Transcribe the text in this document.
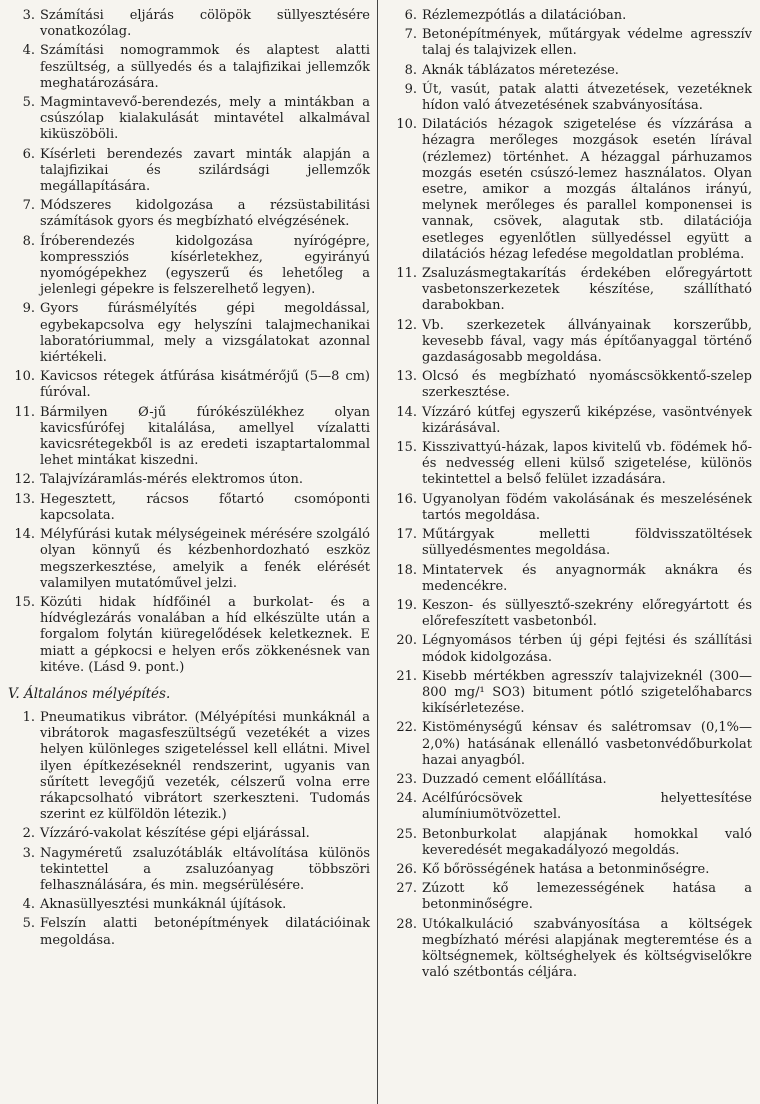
3. Számítási eljárás cölöpök süllyesztésére vonatkozólag.
4. Számítási nomogrammok és alaptest alatti feszültség, a süllyedés és a talajfizikai jellemzők meghatározására.
5. Magmintavevő-berendezés, mely a mintákban a csúszólap kialakulását mintavétel alkalmával kiküszöböli.
6. Kísérleti berendezés zavart minták alapján a talajfizikai és szilárdsági jellemzők megállapítására.
7. Módszeres kidolgozása a rézsüstabilitási számítások gyors és megbízható elvégzésének.
8. Íróberendezés kidolgozása nyírógépre, kompressziós kísérletekhez, egyirányú nyomógépekhez (egyszerű és lehetőleg a jelenlegi gépekre is felszerelhető legyen).
9. Gyors fúrásmélyítés gépi megoldással, egybekapcsolva egy helyszíni talajmechanikai laboratóriummal, mely a vizsgálatokat azonnal kiértékeli.
10. Kavicsos rétegek átfúrása kisátmérőjű (5—8 cm) fúróval.
11. Bármilyen Ø-jű fúrókészülékhez olyan kavicsfúrófej kitalálása, amellyel vízalatti kavicsrétegekből is az eredeti iszaptartalommal lehet mintákat kiszedni.
12. Talajvízáramlás-mérés elektromos úton.
13. Hegesztett, rácsos főtartó csomóponti kapcsolata.
14. Mélyfúrási kutak mélységeinek mérésére szolgáló olyan könnyű és kézbenhordozható eszköz megszerkesztése, amelyik a fenék elérését valamilyen mutatóművel jelzi.
15. Közúti hidak hídfőinél a burkolat- és a hídvéglezárás vonalában a híd elkészülte után a forgalom folytán kiüregelődések keletkeznek. E miatt a gépkocsi e helyen erős zökkenésnek van kitéve. (Lásd 9. pont.)
V. Általános mélyépítés.
1. Pneumatikus vibrátor. (Mélyépítési munkáknál a vibrátorok magasfeszültségű vezetékét a vizes helyen különleges szigeteléssel kell ellátni. Mivel ilyen építkezéseknél rendszerint, ugyanis van sűrített levegőjű vezeték, célszerű volna erre rákapcsolható vibrátort szerkeszteni. Tudomás szerint ez külföldön létezik.)
2. Vízzáró-vakolat készítése gépi eljárással.
3. Nagyméretű zsaluzótáblák eltávolítása különös tekintettel a zsaluzóanyag többszöri felhasználására, és min. megsérülésére.
4. Aknasüllyesztési munkáknál újítások.
5. Felszín alatti betonépítmények dilatációinak megoldása.
6. Rézlemezpótlás a dilatációban.
7. Betonépítmények, műtárgyak védelme agresszív talaj és talajvizek ellen.
8. Aknák táblázatos méretezése.
9. Út, vasút, patak alatti átvezetések, vezetéknek hídon való átvezetésének szabványosítása.
10. Dilatációs hézagok szigetelése és vízzárása a hézagra merőleges mozgások esetén lírával (rézlemez) történhet. A hézaggal párhuzamos mozgás esetén csúszó-lemez használatos. Olyan esetre, amikor a mozgás általános irányú, melynek merőleges és parallel komponensei is vannak, csövek, alagutak stb. dilatációja esetleges egyenlőtlen süllyedéssel együtt a dilatációs hézag lefedése megoldatlan probléma.
11. Zsaluzásmegtakarítás érdekében előregyártott vasbetonszerkezetek készítése, szállítható darabokban.
12. Vb. szerkezetek állványainak korszerűbb, kevesebb fával, vagy más építőanyaggal történő gazdaságosabb megoldása.
13. Olcsó és megbízható nyomáscsökkentő-szelep szerkesztése.
14. Vízzáró kútfej egyszerű kiképzése, vasöntvények kizárásával.
15. Kisszivattyú-házak, lapos kivitelű vb. födémek hő- és nedvesség elleni külső szigetelése, különös tekintettel a belső felület izzadására.
16. Ugyanolyan födém vakolásának és meszelésének tartós megoldása.
17. Műtárgyak melletti földvisszatöltések süllyedésmentes megoldása.
18. Mintatervek és anyagnormák aknákra és medencékre.
19. Keszon- és süllyesztő-szekrény előregyártott és előrefeszített vasbetonból.
20. Légnyomásos térben új gépi fejtési és szállítási módok kidolgozása.
21. Kisebb mértékben agresszív talajvizeknél (300—800 mg/¹ SO3) bitument pótló szigetelőhabarcs kikísérletezése.
22. Kistöménységű kénsav és salétromsav (0,1%—2,0%) hatásának ellenálló vasbetonvédőburkolat hazai anyagból.
23. Duzzadó cement előállítása.
24. Acélfúrócsövek helyettesítése alumíniumötvözettel.
25. Betonburkolat alapjának homokkal való keveredését megakadályozó megoldás.
26. Kő bőrösségének hatása a betonminőségre.
27. Zúzott kő lemezességének hatása a betonminőségre.
28. Utókalkuláció szabványosítása a költségek megbízható mérési alapjának megteremtése és a költségnemek, költséghelyek és költségviselőkre való szétbontás céljára.
